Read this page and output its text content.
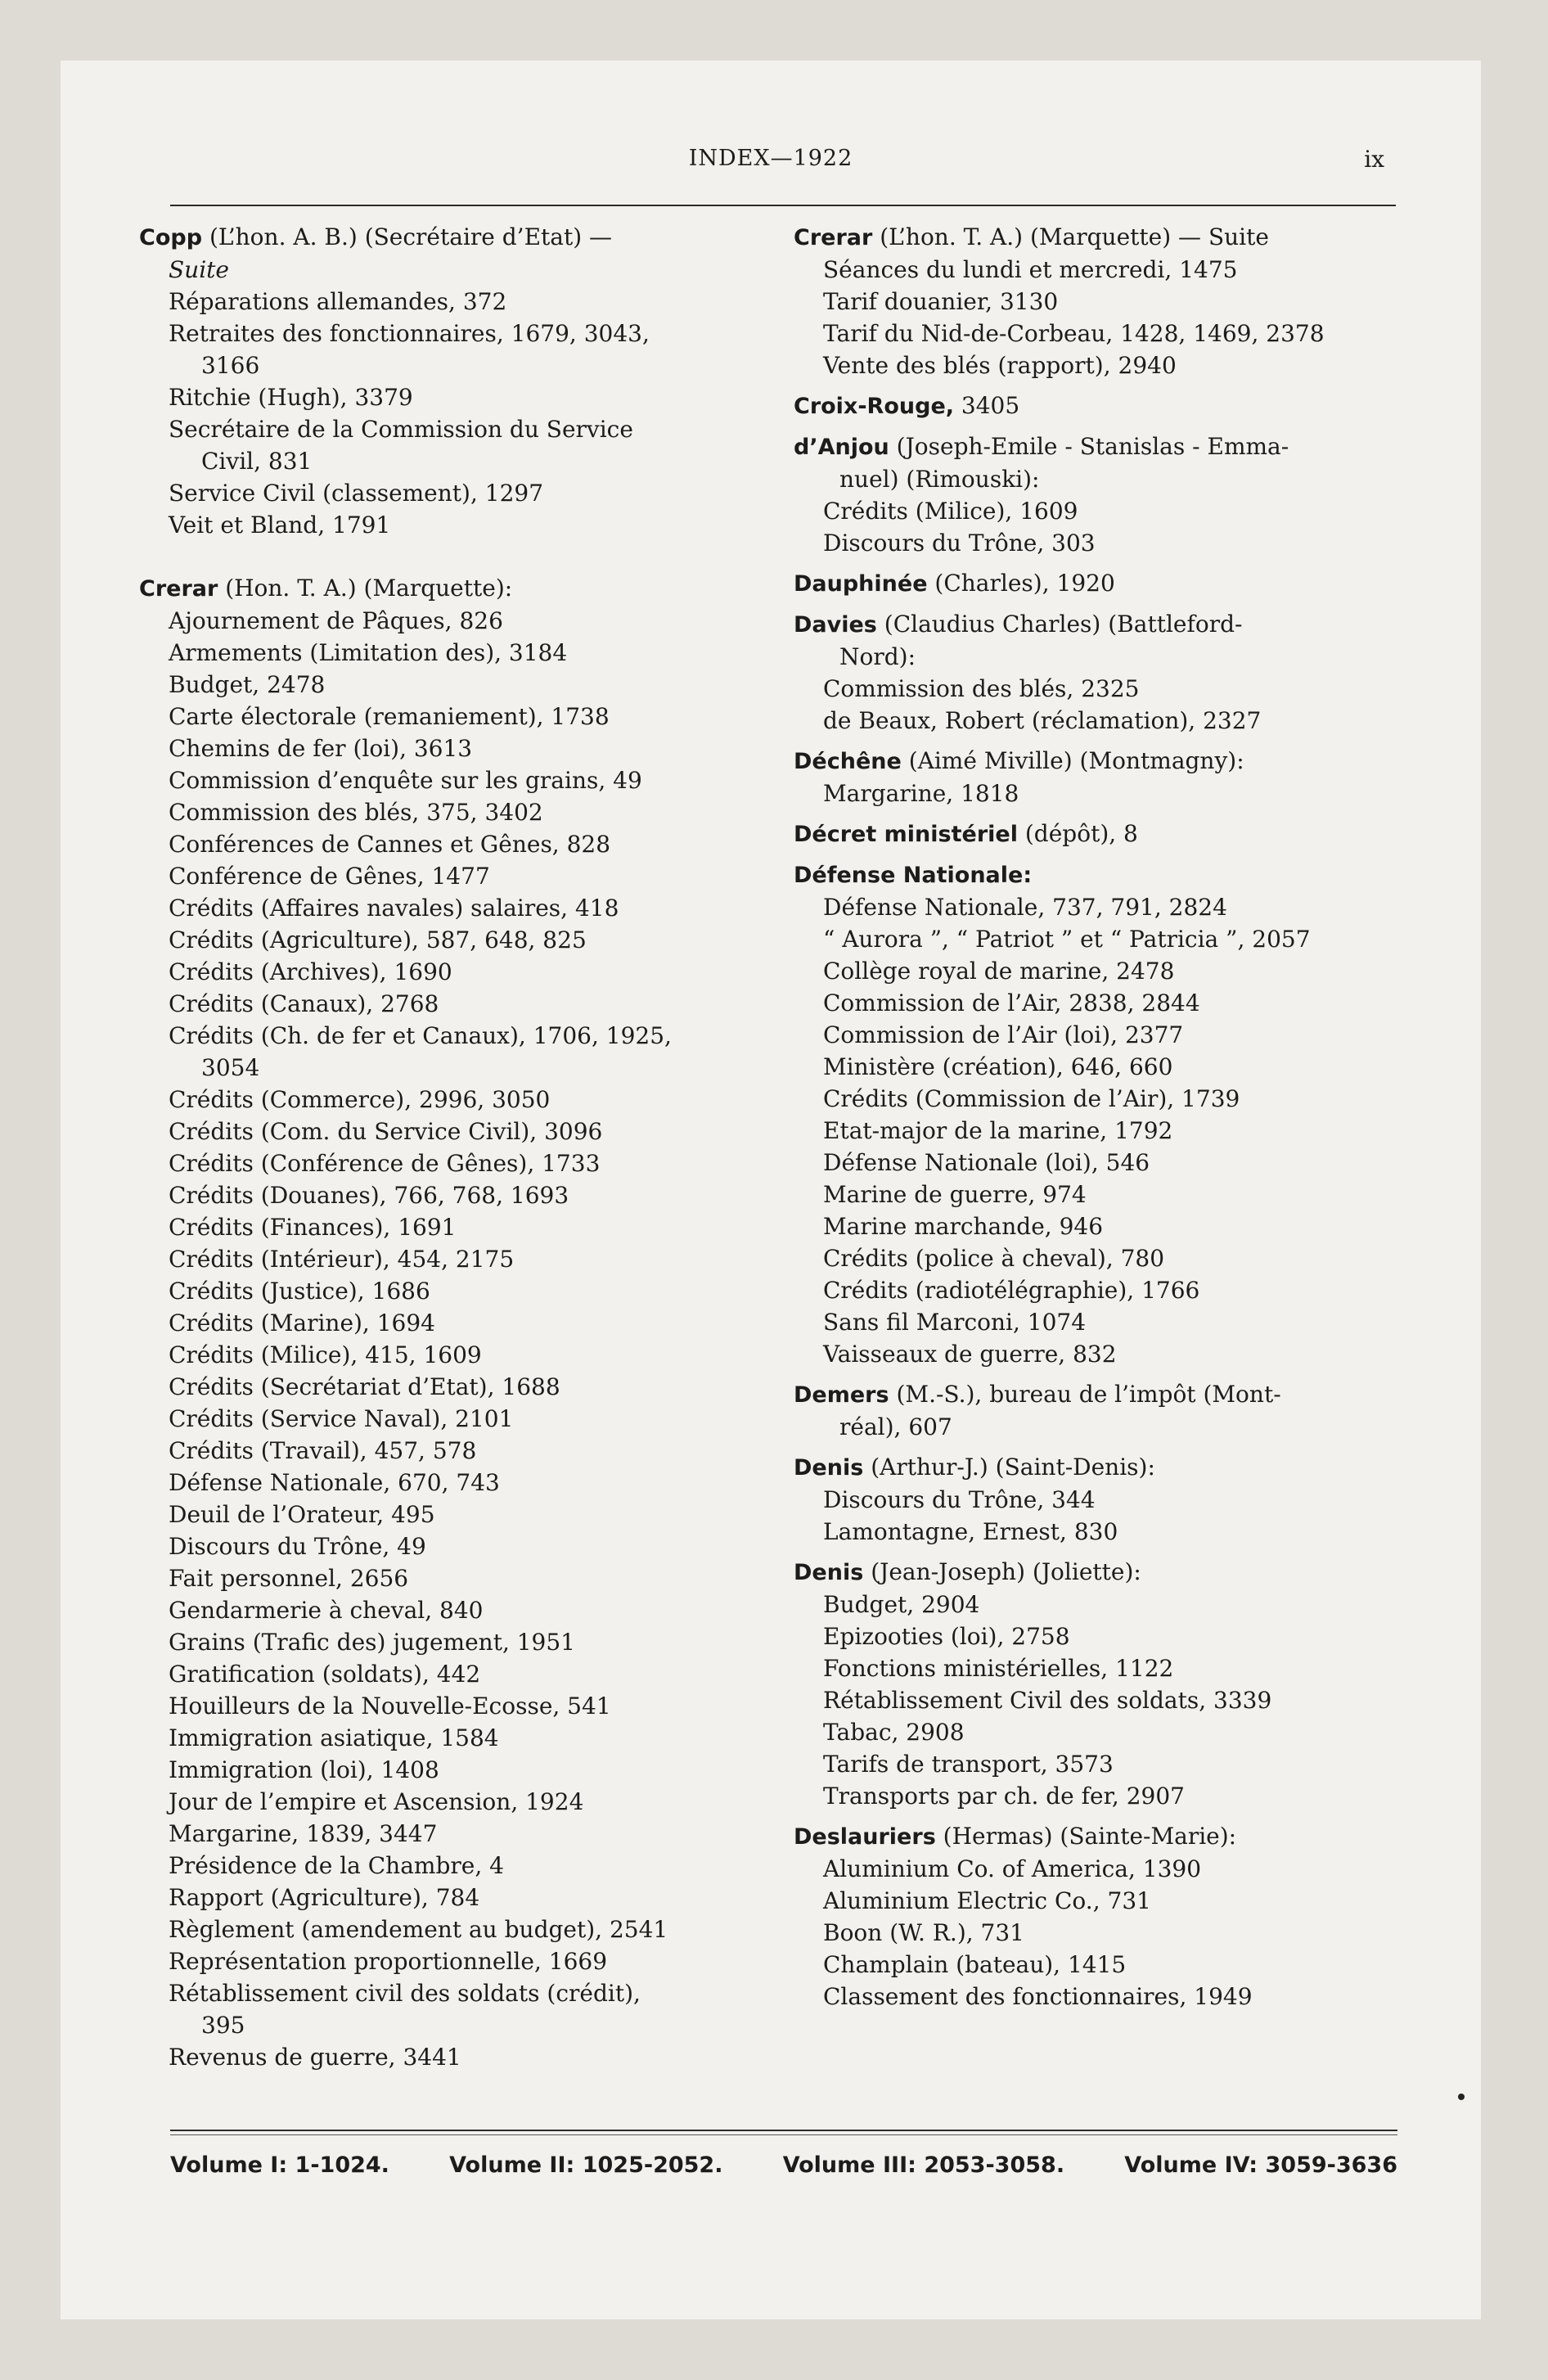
INDEX—1922	ix
Copp (L’hon. A. B.) (Secrétaire d’Etat) —
Suite
Réparations allemandes, 372
Retraites des fonctionnaires, 1679, 3043,
3166
Ritchie (Hugh), 3379
Secrétaire de la Commission du Service
Civil, 831
Service Civil (classement), 1297
Veit et Bland, 1791
Crerar (Hon. T. A.) (Marquette):
Ajournement de Pâques, 826
Armements (Limitation des), 3184
Budget, 2478
Carte électorale (remaniement), 1738
Chemins de fer (loi), 3613
Commission d’enquête sur les grains, 49
Commission des blés, 375, 3402
Conférences de Cannes et Gênes, 828
Conférence de Gênes, 1477
Crédits (Affaires navales) salaires, 418
Crédits (Agriculture), 587, 648, 825
Crédits (Archives), 1690
Crédits (Canaux), 2768
Crédits (Ch. de fer et Canaux), 1706, 1925,
3054
Crédits (Commerce), 2996, 3050
Crédits (Com. du Service Civil), 3096
Crédits (Conférence de Gênes), 1733
Crédits (Douanes), 766, 768, 1693
Crédits (Finances), 1691
Crédits (Intérieur), 454, 2175
Crédits (Justice), 1686
Crédits (Marine), 1694
Crédits (Milice), 415, 1609
Crédits (Secrétariat d’Etat), 1688
Crédits (Service Naval), 2101
Crédits (Travail), 457, 578
Défense Nationale, 670, 743
Deuil de l’Orateur, 495
Discours du Trône, 49
Fait personnel, 2656
Gendarmerie à cheval, 840
Grains (Trafic des) jugement, 1951
Gratification (soldats), 442
Houilleurs de la Nouvelle-Ecosse, 541
Immigration asiatique, 1584
Immigration (loi), 1408
Jour de l’empire et Ascension, 1924
Margarine, 1839, 3447
Présidence de la Chambre, 4
Rapport (Agriculture), 784
Règlement (amendement au budget), 2541
Représentation proportionnelle, 1669
Rétablissement civil des soldats (crédit),
395
Revenus de guerre, 3441
Crerar (L’hon. T. A.) (Marquette) — Suite
Séances du lundi et mercredi, 1475
Tarif douanier, 3130
Tarif du Nid-de-Corbeau, 1428, 1469, 2378
Vente des blés (rapport), 2940
Croix-Rouge, 3405
d’Anjou (Joseph-Emile - Stanislas - Emma-
nuel) (Rimouski):
Crédits (Milice), 1609
Discours du Trône, 303
Dauphinée (Charles), 1920
Davies (Claudius Charles) (Battleford-
Nord):
Commission des blés, 2325
de Beaux, Robert (réclamation), 2327
Déchêne (Aimé Miville) (Montmagny):
Margarine, 1818
Décret ministériel (dépôt), 8
Défense Nationale:
Défense Nationale, 737, 791, 2824
“ Aurora ”, “ Patriot ” et “ Patricia ”, 2057
Collège royal de marine, 2478
Commission de l’Air, 2838, 2844
Commission de l’Air (loi), 2377
Ministère (création), 646, 660
Crédits (Commission de l’Air), 1739
Etat-major de la marine, 1792
Défense Nationale (loi), 546
Marine de guerre, 974
Marine marchande, 946
Crédits (police à cheval), 780
Crédits (radiotélégraphie), 1766
Sans fil Marconi, 1074
Vaisseaux de guerre, 832
Demers (M.-S.), bureau de l’impôt (Mont-
réal), 607
Denis (Arthur-J.) (Saint-Denis):
Discours du Trône, 344
Lamontagne, Ernest, 830
Denis (Jean-Joseph) (Joliette):
Budget, 2904
Epizooties (loi), 2758
Fonctions ministérielles, 1122
Rétablissement Civil des soldats, 3339
Tabac, 2908
Tarifs de transport, 3573
Transports par ch. de fer, 2907
Deslauriers (Hermas) (Sainte-Marie):
Aluminium Co. of America, 1390
Aluminium Electric Co., 731
Boon (W. R.), 731
Champlain (bateau), 1415
Classement des fonctionnaires, 1949
Volume I: 1-1024.	Volume II: 1025-2052.	Volume III: 2053-3058.	Volume IV: 3059-3636
